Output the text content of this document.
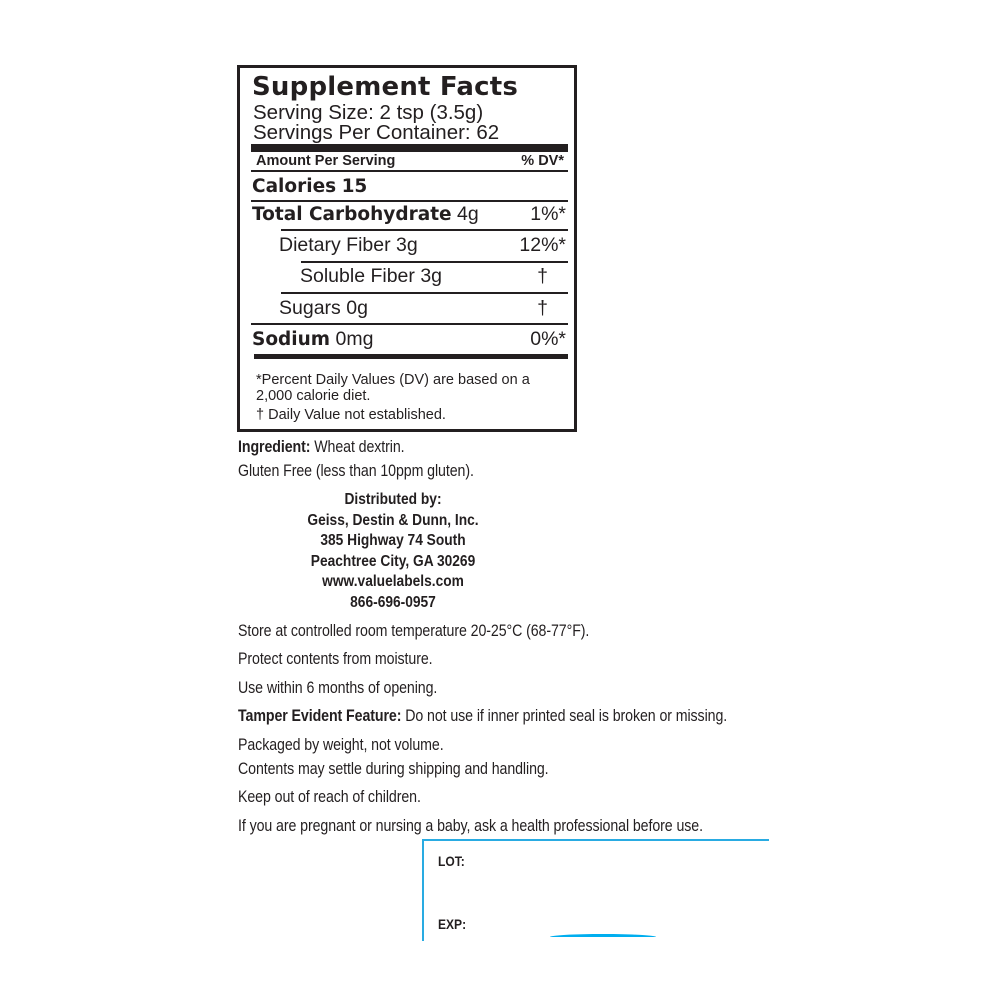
Supplement Facts
Serving Size: 2 tsp (3.5g)
Servings Per Container: 62
Amount Per Serving	% DV*
Calories 15
Total Carbohydrate 4g	1%*
Dietary Fiber 3g	12%*
Soluble Fiber 3g	†
Sugars 0g	†
Sodium 0mg	0%*
*Percent Daily Values (DV) are based on a
2,000 calorie diet.
† Daily Value not established.
Ingredient: Wheat dextrin.
Gluten Free (less than 10ppm gluten).
Distributed by:
Geiss, Destin & Dunn, Inc.
385 Highway 74 South
Peachtree City, GA 30269
www.valuelabels.com
866-696-0957
Store at controlled room temperature 20-25°C (68-77°F).
Protect contents from moisture.
Use within 6 months of opening.
Tamper Evident Feature: Do not use if inner printed seal is broken or missing.
Packaged by weight, not volume.
Contents may settle during shipping and handling.
Keep out of reach of children.
If you are pregnant or nursing a baby, ask a health professional before use.
LOT:
EXP:
